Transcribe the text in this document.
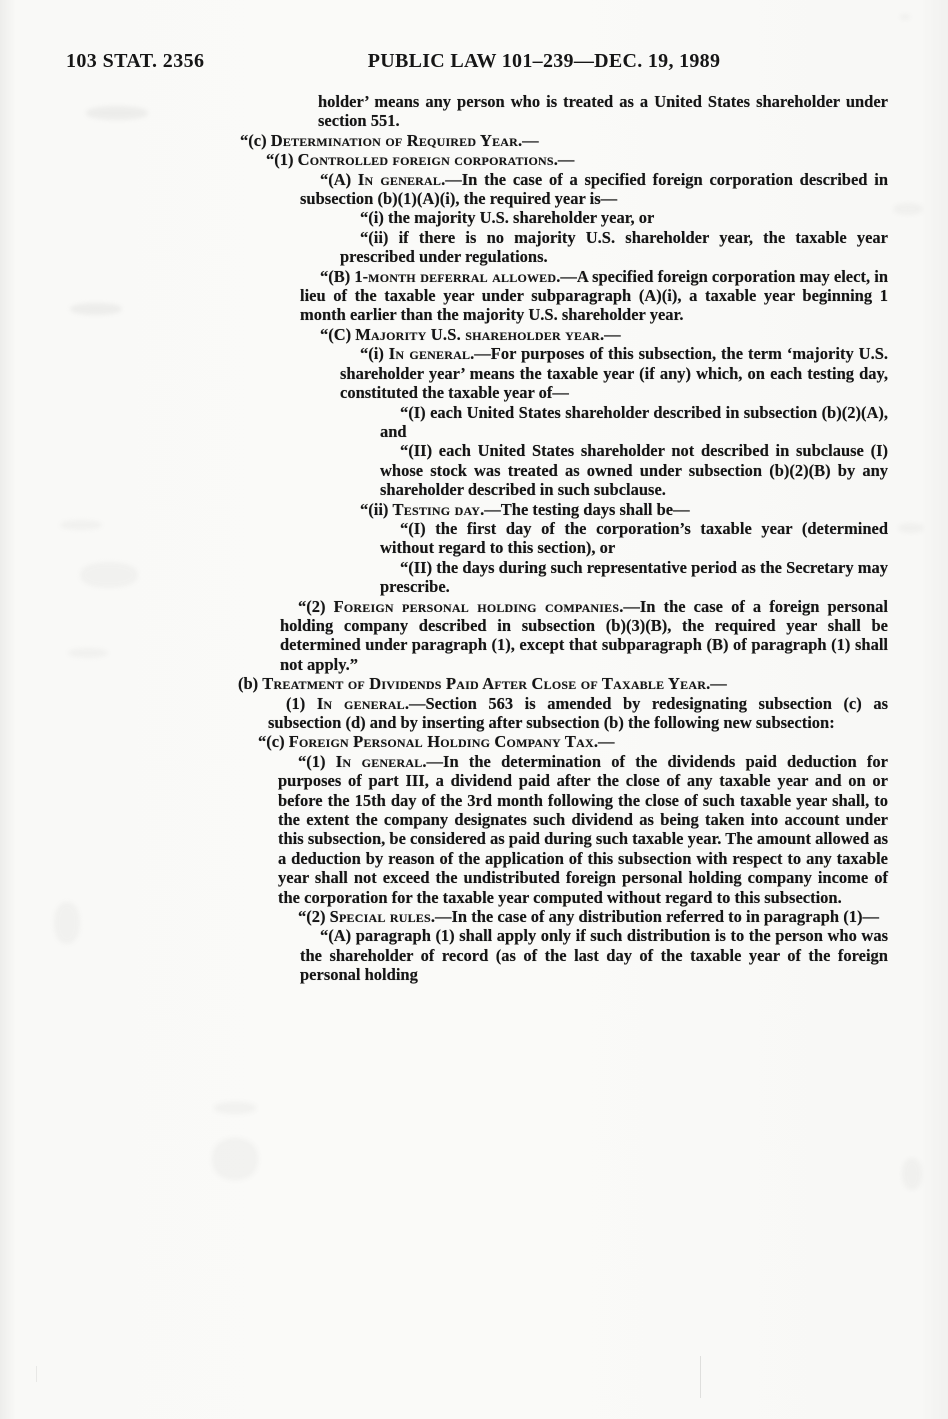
103 STAT. 2356	PUBLIC LAW 101–239—DEC. 19, 1989

holder’ means any person who is treated as a United States shareholder under section 551.

“(c) Determination of Required Year.—

“(1) Controlled foreign corporations.—

“(A) In general.—In the case of a specified foreign corporation described in subsection (b)(1)(A)(i), the required year is—

“(i) the majority U.S. shareholder year, or

“(ii) if there is no majority U.S. shareholder year, the taxable year prescribed under regulations.

“(B) 1-month deferral allowed.—A specified foreign corporation may elect, in lieu of the taxable year under subparagraph (A)(i), a taxable year beginning 1 month earlier than the majority U.S. shareholder year.

“(C) Majority U.S. shareholder year.—

“(i) In general.—For purposes of this subsection, the term ‘majority U.S. shareholder year’ means the taxable year (if any) which, on each testing day, constituted the taxable year of—

“(I) each United States shareholder described in subsection (b)(2)(A), and

“(II) each United States shareholder not described in subclause (I) whose stock was treated as owned under subsection (b)(2)(B) by any shareholder described in such subclause.

“(ii) Testing day.—The testing days shall be—

“(I) the first day of the corporation’s taxable year (determined without regard to this section), or

“(II) the days during such representative period as the Secretary may prescribe.

“(2) Foreign personal holding companies.—In the case of a foreign personal holding company described in subsection (b)(3)(B), the required year shall be determined under paragraph (1), except that subparagraph (B) of paragraph (1) shall not apply.”

(b) Treatment of Dividends Paid After Close of Taxable Year.—

(1) In general.—Section 563 is amended by redesignating subsection (c) as subsection (d) and by inserting after subsection (b) the following new subsection:

“(c) Foreign Personal Holding Company Tax.—

“(1) In general.—In the determination of the dividends paid deduction for purposes of part III, a dividend paid after the close of any taxable year and on or before the 15th day of the 3rd month following the close of such taxable year shall, to the extent the company designates such dividend as being taken into account under this subsection, be considered as paid during such taxable year. The amount allowed as a deduction by reason of the application of this subsection with respect to any taxable year shall not exceed the undistributed foreign personal holding company income of the corporation for the taxable year computed without regard to this subsection.

“(2) Special rules.—In the case of any distribution referred to in paragraph (1)—

“(A) paragraph (1) shall apply only if such distribution is to the person who was the shareholder of record (as of the last day of the taxable year of the foreign personal holding
